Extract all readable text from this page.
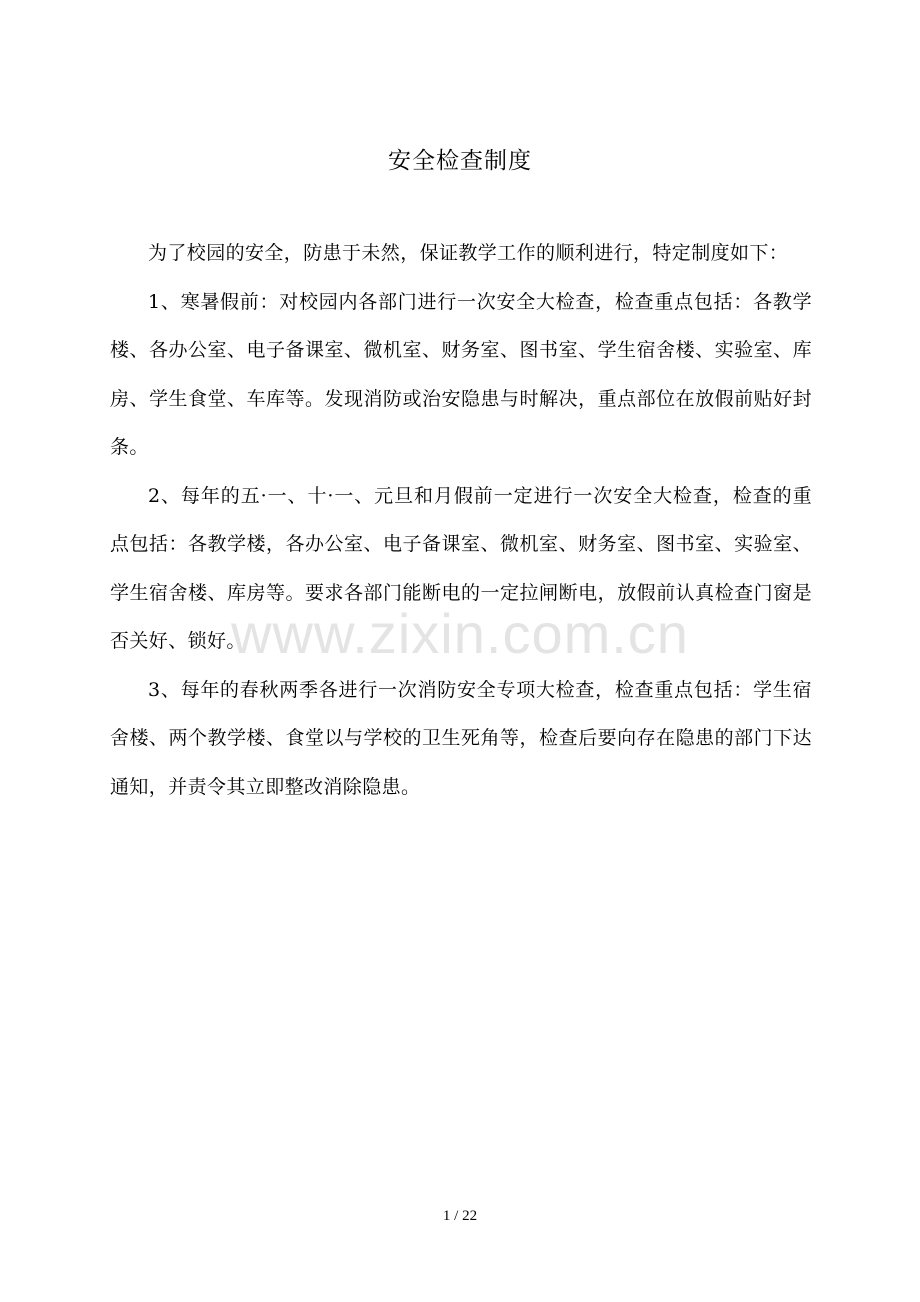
安全检查制度

为了校园的安全，防患于未然，保证教学工作的顺利进行，特定制度如下：

1、寒暑假前：对校园内各部门进行一次安全大检查，检查重点包括：各教学楼、各办公室、电子备课室、微机室、财务室、图书室、学生宿舍楼、实验室、库房、学生食堂、车库等。发现消防或治安隐患与时解决，重点部位在放假前贴好封条。

2、每年的五·一、十·一、元旦和月假前一定进行一次安全大检查，检查的重点包括：各教学楼，各办公室、电子备课室、微机室、财务室、图书室、实验室、学生宿舍楼、库房等。要求各部门能断电的一定拉闸断电，放假前认真检查门窗是否关好、锁好。

3、每年的春秋两季各进行一次消防安全专项大检查，检查重点包括：学生宿舍楼、两个教学楼、食堂以与学校的卫生死角等，检查后要向存在隐患的部门下达通知，并责令其立即整改消除隐患。

www.zixin.com.cn
1 / 22
